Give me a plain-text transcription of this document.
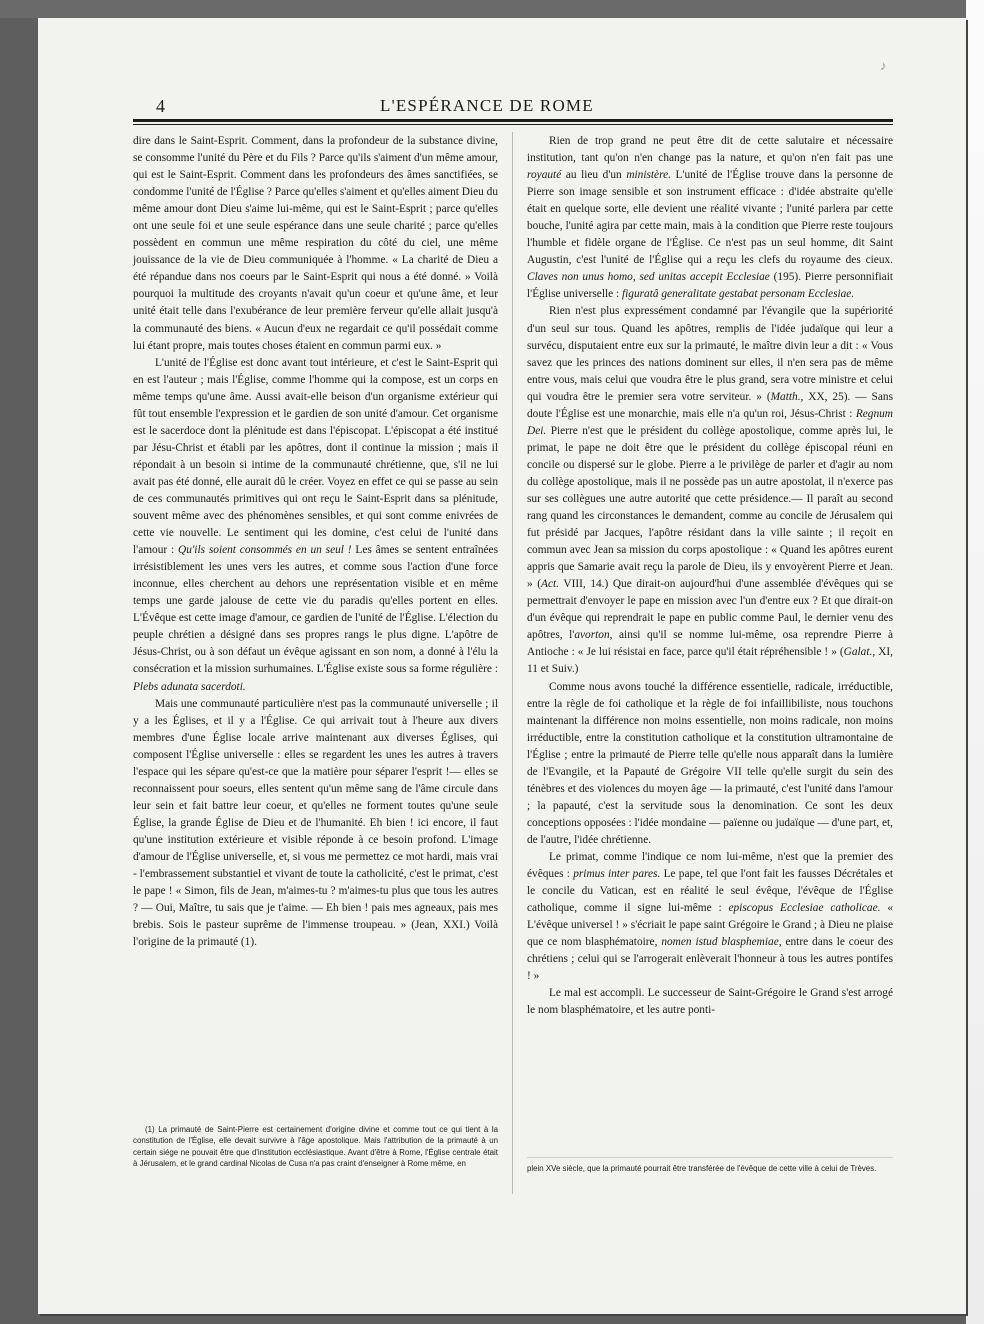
♪
4	L'ESPÉRANCE DE ROME

dire dans le Saint-Esprit. Comment, dans la profondeur de la substance divine, se consomme l'unité du Père et du Fils ? Parce qu'ils s'aiment d'un même amour, qui est le Saint-Esprit. Comment dans les profondeurs des âmes sanctifiées, se condomme l'unité de l'Église ? Parce qu'elles s'aiment et qu'elles aiment Dieu du même amour dont Dieu s'aime lui-même, qui est le Saint-Esprit ; parce qu'elles ont une seule foi et une seule espérance dans une seule charité ; parce qu'elles possèdent en commun une même respiration du côté du ciel, une même jouissance de la vie de Dieu communiquée à l'homme. « La charité de Dieu a été répandue dans nos coeurs par le Saint-Esprit qui nous a été donné. » Voilà pourquoi la multitude des croyants n'avait qu'un coeur et qu'une âme, et leur unité était telle dans l'exubérance de leur première ferveur qu'elle allait jusqu'à la communauté des biens. « Aucun d'eux ne regardait ce qu'il possédait comme lui étant propre, mais toutes choses étaient en commun parmi eux. »

L'unité de l'Église est donc avant tout intérieure, et c'est le Saint-Esprit qui en est l'auteur ; mais l'Église, comme l'homme qui la compose, est un corps en même temps qu'une âme. Aussi avait-elle beison d'un organisme extérieur qui fût tout ensemble l'expression et le gardien de son unité d'amour. Cet organisme est le sacerdoce dont la plénitude est dans l'épiscopat. L'épiscopat a été institué par Jésu-Christ et établi par les apôtres, dont il continue la mission ; mais il répondait à un besoin si intime de la communauté chrétienne, que, s'il ne lui avait pas été donné, elle aurait dû le créer. Voyez en effet ce qui se passe au sein de ces communautés primitives qui ont reçu le Saint-Esprit dans sa plénitude, souvent même avec des phénomènes sensibles, et qui sont comme enivrées de cette vie nouvelle. Le sentiment qui les domine, c'est celui de l'unité dans l'amour : Qu'ils soient consommés en un seul ! Les âmes se sentent entraînées irrésistiblement les unes vers les autres, et comme sous l'action d'une force inconnue, elles cherchent au dehors une représentation visible et en même temps une garde jalouse de cette vie du paradis qu'elles portent en elles. L'Évêque est cette image d'amour, ce gardien de l'unité de l'Église. L'élection du peuple chrétien a désigné dans ses propres rangs le plus digne. L'apôtre de Jésus-Christ, ou à son défaut un évêque agissant en son nom, a donné à l'élu la consécration et la mission surhumaines. L'Église existe sous sa forme régulière : Plebs adunata sacerdoti.

Mais une communauté particulière n'est pas la communauté universelle ; il y a les Églises, et il y a l'Église. Ce qui arrivait tout à l'heure aux divers membres d'une Église locale arrive maintenant aux diverses Églises, qui composent l'Église universelle : elles se regardent les unes les autres à travers l'espace qui les sépare qu'est-ce que la matière pour séparer l'esprit !— elles se reconnaissent pour soeurs, elles sentent qu'un même sang de l'âme circule dans leur sein et fait battre leur coeur, et qu'elles ne forment toutes qu'une seule Église, la grande Église de Dieu et de l'humanité. Eh bien ! ici encore, il faut qu'une institution extérieure et visible réponde à ce besoin profond. L'image d'amour de l'Église universelle, et, si vous me permettez ce mot hardi, mais vrai - l'embrassement substantiel et vivant de toute la catholicité, c'est le primat, c'est le pape ! « Simon, fils de Jean, m'aimes-tu ? m'aimes-tu plus que tous les autres ? — Oui, Maître, tu sais que je t'aime. — Eh bien ! pais mes agneaux, pais mes brebis. Sois le pasteur suprême de l'immense troupeau. » (Jean, XXI.) Voilà l'origine de la primauté (1).

Rien de trop grand ne peut être dit de cette salutaire et nécessaire institution, tant qu'on n'en change pas la nature, et qu'on n'en fait pas une royauté au lieu d'un ministère. L'unité de l'Église trouve dans la personne de Pierre son image sensible et son instrument efficace : d'idée abstraite qu'elle était en quelque sorte, elle devient une réalité vivante ; l'unité parlera par cette bouche, l'unité agira par cette main, mais à la condition que Pierre reste toujours l'humble et fidèle organe de l'Église. Ce n'est pas un seul homme, dit Saint Augustin, c'est l'unité de l'Église qui a reçu les clefs du royaume des cieux. Claves non unus homo, sed unitas accepit Ecclesiae (195). Pierre personnifiait l'Église universelle : figuratâ generalitate gestabat personam Ecclesiae.

Rien n'est plus expressément condamné par l'évangile que la supériorité d'un seul sur tous. Quand les apôtres, remplis de l'idée judaïque qui leur a survécu, disputaient entre eux sur la primauté, le maître divin leur a dit : « Vous savez que les princes des nations dominent sur elles, il n'en sera pas de même entre vous, mais celui que voudra être le plus grand, sera votre ministre et celui qui voudra être le premier sera votre serviteur. » (Matth., XX, 25). — Sans doute l'Église est une monarchie, mais elle n'a qu'un roi, Jésus-Christ : Regnum Dei. Pierre n'est que le président du collège apostolique, comme après lui, le primat, le pape ne doit être que le président du collège épiscopal réuni en concile ou dispersé sur le globe. Pierre a le privilège de parler et d'agir au nom du collège apostolique, mais il ne possède pas un autre apostolat, il n'exerce pas sur ses collègues une autre autorité que cette présidence.— Il paraît au second rang quand les circonstances le demandent, comme au concile de Jérusalem qui fut présidé par Jacques, l'apôtre résidant dans la ville sainte ; il reçoit en commun avec Jean sa mission du corps apostolique : « Quand les apôtres eurent appris que Samarie avait reçu la parole de Dieu, ils y envoyèrent Pierre et Jean. » (Act. VIII, 14.) Que dirait-on aujourd'hui d'une assemblée d'évêques qui se permettrait d'envoyer le pape en mission avec l'un d'entre eux ? Et que dirait-on d'un évêque qui reprendrait le pape en public comme Paul, le dernier venu des apôtres, l'avorton, ainsi qu'il se nomme lui-même, osa reprendre Pierre à Antioche : « Je lui résistai en face, parce qu'il était répréhensible ! » (Galat., XI, 11 et Suiv.)

Comme nous avons touché la différence essentielle, radicale, irréductible, entre la règle de foi catholique et la règle de foi infaillibiliste, nous touchons maintenant la différence non moins essentielle, non moins radicale, non moins irréductible, entre la constitution catholique et la constitution ultramontaine de l'Église ; entre la primauté de Pierre telle qu'elle nous apparaît dans la lumière de l'Evangile, et la Papauté de Grégoire VII telle qu'elle surgit du sein des ténèbres et des violences du moyen âge — la primauté, c'est l'unité dans l'amour ; la papauté, c'est la servitude sous la denomination. Ce sont les deux conceptions opposées : l'idée mondaine — païenne ou judaïque — d'une part, et, de l'autre, l'idée chrétienne.

Le primat, comme l'indique ce nom lui-même, n'est que la premier des évêques : primus inter pares. Le pape, tel que l'ont fait les fausses Décrétales et le concile du Vatican, est en réalité le seul évêque, l'évêque de l'Église catholique, comme il signe lui-même : episcopus Ecclesiae catholicae. « L'évêque universel ! » s'écriait le pape saint Grégoire le Grand ; à Dieu ne plaise que ce nom blasphématoire, nomen istud blasphemiae, entre dans le coeur des chrétiens ; celui qui se l'arrogerait enlèverait l'honneur à tous les autres pontifes ! »

Le mal est accompli. Le successeur de Saint-Grégoire le Grand s'est arrogé le nom blasphématoire, et les autre ponti-

(1) La primauté de Saint-Pierre est certainement d'origine divine et comme tout ce qui tient à la constitution de l'Église, elle devait survivre à l'âge apostolique. Mais l'attribution de la primauté à un certain siége ne pouvait être que d'institution ecclésiastique. Avant d'être à Rome, l'Église centrale était à Jérusalem, et le grand cardinal Nicolas de Cusa n'a pas craint d'enseigner à Rome même, en

plein XVe siècle, que la primauté pourrait être transférée de l'évêque de cette ville à celui de Trèves.
